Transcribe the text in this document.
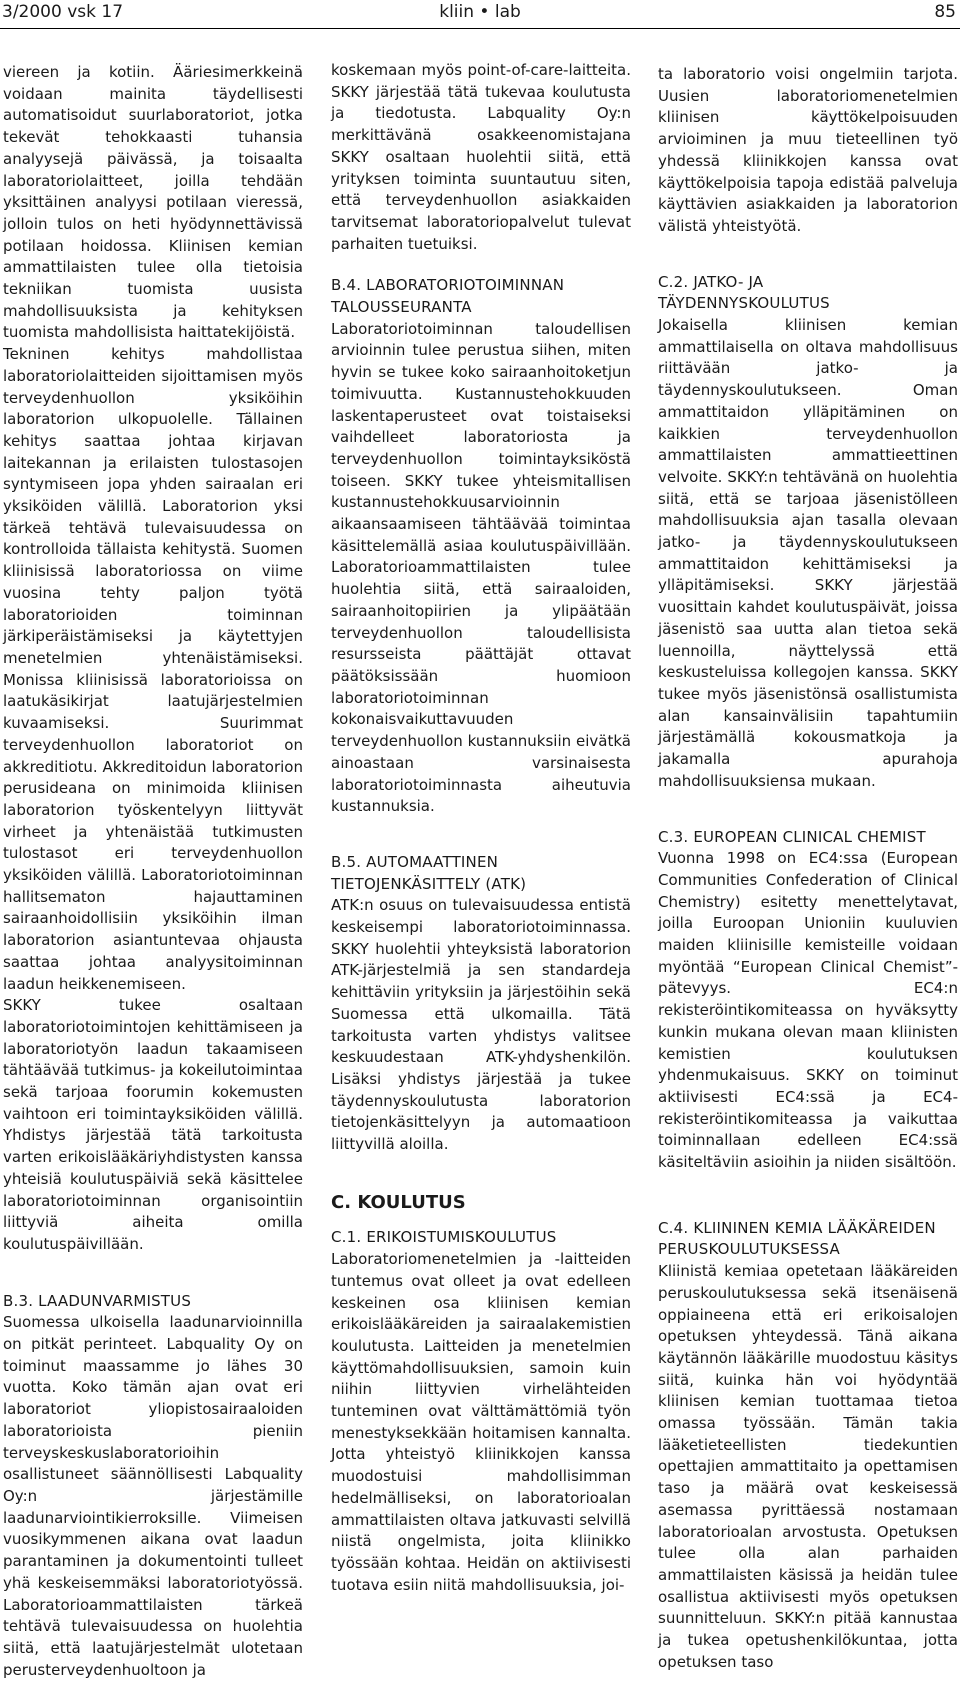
3/2000 vsk 17	kliin • lab	85

viereen ja kotiin. Ääriesimerkkeinä voidaan mainita täydellisesti automatisoidut suurlaboratoriot, jotka tekevät tehokkaasti tuhansia analyysejä päivässä, ja toisaalta laboratoriolaitteet, joilla tehdään yksittäinen analyysi potilaan vieressä, jolloin tulos on heti hyödynnettävissä potilaan hoidossa. Kliinisen kemian ammattilaisten tulee olla tietoisia tekniikan tuomista uusista mahdollisuuksista ja kehityksen tuomista mahdollisista haittatekijöistä.

Tekninen kehitys mahdollistaa laboratoriolaitteiden sijoittamisen myös terveydenhuollon yksiköihin laboratorion ulkopuolelle. Tällainen kehitys saattaa johtaa kirjavan laitekannan ja erilaisten tulostasojen syntymiseen jopa yhden sairaalan eri yksiköiden välillä. Laboratorion yksi tärkeä tehtävä tulevaisuudessa on kontrolloida tällaista kehitystä. Suomen kliinisissä laboratoriossa on viime vuosina tehty paljon työtä laboratorioiden toiminnan järkiperäistämiseksi ja käytettyjen menetelmien yhtenäistämiseksi. Monissa kliinisissä laboratorioissa on laatukäsikirjat laatujärjestelmien kuvaamiseksi. Suurimmat terveydenhuollon laboratoriot on akkreditiotu. Akkreditoidun laboratorion perusideana on minimoida kliinisen laboratorion työskentelyyn liittyvät virheet ja yhtenäistää tutkimusten tulostasot eri terveydenhuollon yksiköiden välillä. Laboratoriotoiminnan hallitsematon hajauttaminen sairaanhoidollisiin yksiköihin ilman laboratorion asiantuntevaa ohjausta saattaa johtaa analyysitoiminnan laadun heikkenemiseen.

SKKY tukee osaltaan laboratoriotoimintojen kehittämiseen ja laboratoriotyön laadun takaamiseen tähtäävää tutkimus- ja kokeilutoimintaa sekä tarjoaa foorumin kokemusten vaihtoon eri toimintayksiköiden välillä. Yhdistys järjestää tätä tarkoitusta varten erikoislääkäriyhdistysten kanssa yhteisiä koulutuspäiviä sekä käsittelee laboratoriotoiminnan organisointiin liittyviä aiheita omilla koulutuspäivillään.

B.3. LAADUNVARMISTUS

Suomessa ulkoisella laadunarvioinnilla on pitkät perinteet. Labquality Oy on toiminut maassamme jo lähes 30 vuotta. Koko tämän ajan ovat eri laboratoriot yliopistosairaaloiden laboratorioista pieniin terveyskeskuslaboratorioihin osallistuneet säännöllisesti Labquality Oy:n järjestämille laadunarviointikierroksille. Viimeisen vuosikymmenen aikana ovat laadun parantaminen ja dokumentointi tulleet yhä keskeisemmäksi laboratoriotyössä. Laboratorioammattilaisten tärkeä tehtävä tulevaisuudessa on huolehtia siitä, että laatujärjestelmät ulotetaan perusterveydenhuoltoon ja

koskemaan myös point-of-care-laitteita. SKKY järjestää tätä tukevaa koulutusta ja tiedotusta. Labquality Oy:n merkittävänä osakkeenomistajana SKKY osaltaan huolehtii siitä, että yrityksen toiminta suuntautuu siten, että terveydenhuollon asiakkaiden tarvitsemat laboratoriopalvelut tulevat parhaiten tuetuiksi.

B.4. LABORATORIOTOIMINNAN
TALOUSSEURANTA

Laboratoriotoiminnan taloudellisen arvioinnin tulee perustua siihen, miten hyvin se tukee koko sairaanhoitoketjun toimivuutta. Kustannustehokkuuden laskentaperusteet ovat toistaiseksi vaihdelleet laboratoriosta ja terveydenhuollon toimintayksiköstä toiseen. SKKY tukee yhteismitallisen kustannustehokkuusarvioinnin aikaansaamiseen tähtäävää toimintaa käsittelemällä asiaa koulutuspäivillään. Laboratorioammattilaisten tulee huolehtia siitä, että sairaaloiden, sairaanhoitopiirien ja ylipäätään terveydenhuollon taloudellisista resursseista päättäjät ottavat päätöksissään huomioon laboratoriotoiminnan kokonaisvaikuttavuuden terveydenhuollon kustannuksiin eivätkä ainoastaan varsinaisesta laboratoriotoiminnasta aiheutuvia kustannuksia.

B.5. AUTOMAATTINEN
TIETOJENKÄSITTELY (ATK)

ATK:n osuus on tulevaisuudessa entistä keskeisempi laboratoriotoiminnassa. SKKY huolehtii yhteyksistä laboratorion ATK-järjestelmiä ja sen standardeja kehittäviin yrityksiin ja järjestöihin sekä Suomessa että ulkomailla. Tätä tarkoitusta varten yhdistys valitsee keskuudestaan ATK-yhdyshenkilön. Lisäksi yhdistys järjestää ja tukee täydennyskoulutusta laboratorion tietojenkäsittelyyn ja automaatioon liittyvillä aloilla.

C. KOULUTUS

C.1. ERIKOISTUMISKOULUTUS

Laboratoriomenetelmien ja -laitteiden tuntemus ovat olleet ja ovat edelleen keskeinen osa kliinisen kemian erikoislääkäreiden ja sairaalakemistien koulutusta. Laitteiden ja menetelmien käyttömahdollisuuksien, samoin kuin niihin liittyvien virhelähteiden tunteminen ovat välttämättömiä työn menestyksekkään hoitamisen kannalta. Jotta yhteistyö kliinikkojen kanssa muodostuisi mahdollisimman hedelmälliseksi, on laboratorioalan ammattilaisten oltava jatkuvasti selvillä niistä ongelmista, joita kliinikko työssään kohtaa. Heidän on aktiivisesti tuotava esiin niitä mahdollisuuksia, joi-

ta laboratorio voisi ongelmiin tarjota. Uusien laboratoriomenetelmien kliinisen käyttökelpoisuuden arvioiminen ja muu tieteellinen työ yhdessä kliinikkojen kanssa ovat käyttökelpoisia tapoja edistää palveluja käyttävien asiakkaiden ja laboratorion välistä yhteistyötä.

C.2. JATKO- JA
TÄYDENNYSKOULUTUS

Jokaisella kliinisen kemian ammattilaisella on oltava mahdollisuus riittävään jatko- ja täydennyskoulutukseen. Oman ammattitaidon ylläpitäminen on kaikkien terveydenhuollon ammattilaisten ammattieettinen velvoite. SKKY:n tehtävänä on huolehtia siitä, että se tarjoaa jäsenistölleen mahdollisuuksia ajan tasalla olevaan jatko- ja täydennyskoulutukseen ammattitaidon kehittämiseksi ja ylläpitämiseksi. SKKY järjestää vuosittain kahdet koulutuspäivät, joissa jäsenistö saa uutta alan tietoa sekä luennoilla, näyttelyssä että keskusteluissa kollegojen kanssa. SKKY tukee myös jäsenistönsä osallistumista alan kansainvälisiin tapahtumiin järjestämällä kokousmatkoja ja jakamalla apurahoja mahdollisuuksiensa mukaan.

C.3. EUROPEAN CLINICAL CHEMIST

Vuonna 1998 on EC4:ssa (European Communities Confederation of Clinical Chemistry) esitetty menettelytavat, joilla Euroopan Unioniin kuuluvien maiden kliinisille kemisteille voidaan myöntää “European Clinical Chemist”-pätevyys. EC4:n rekisteröintikomiteassa on hyväksytty kunkin mukana olevan maan kliinisten kemistien koulutuksen yhdenmukaisuus. SKKY on toiminut aktiivisesti EC4:ssä ja EC4-rekisteröintikomiteassa ja vaikuttaa toiminnallaan edelleen EC4:ssä käsiteltäviin asioihin ja niiden sisältöön.

C.4. KLIININEN KEMIA LÄÄKÄREIDEN
PERUSKOULUTUKSESSA

Kliinistä kemiaa opetetaan lääkäreiden peruskoulutuksessa sekä itsenäisenä oppiaineena että eri erikoisalojen opetuksen yhteydessä. Tänä aikana käytännön lääkärille muodostuu käsitys siitä, kuinka hän voi hyödyntää kliinisen kemian tuottamaa tietoa omassa työssään. Tämän takia lääketieteellisten tiedekuntien opettajien ammattitaito ja opettamisen taso ja määrä ovat keskeisessä asemassa pyrittäessä nostamaan laboratorioalan arvostusta. Opetuksen tulee olla alan parhaiden ammattilaisten käsissä ja heidän tulee osallistua aktiivisesti myös opetuksen suunnitteluun. SKKY:n pitää kannustaa ja tukea opetushenkilökuntaa, jotta opetuksen taso
